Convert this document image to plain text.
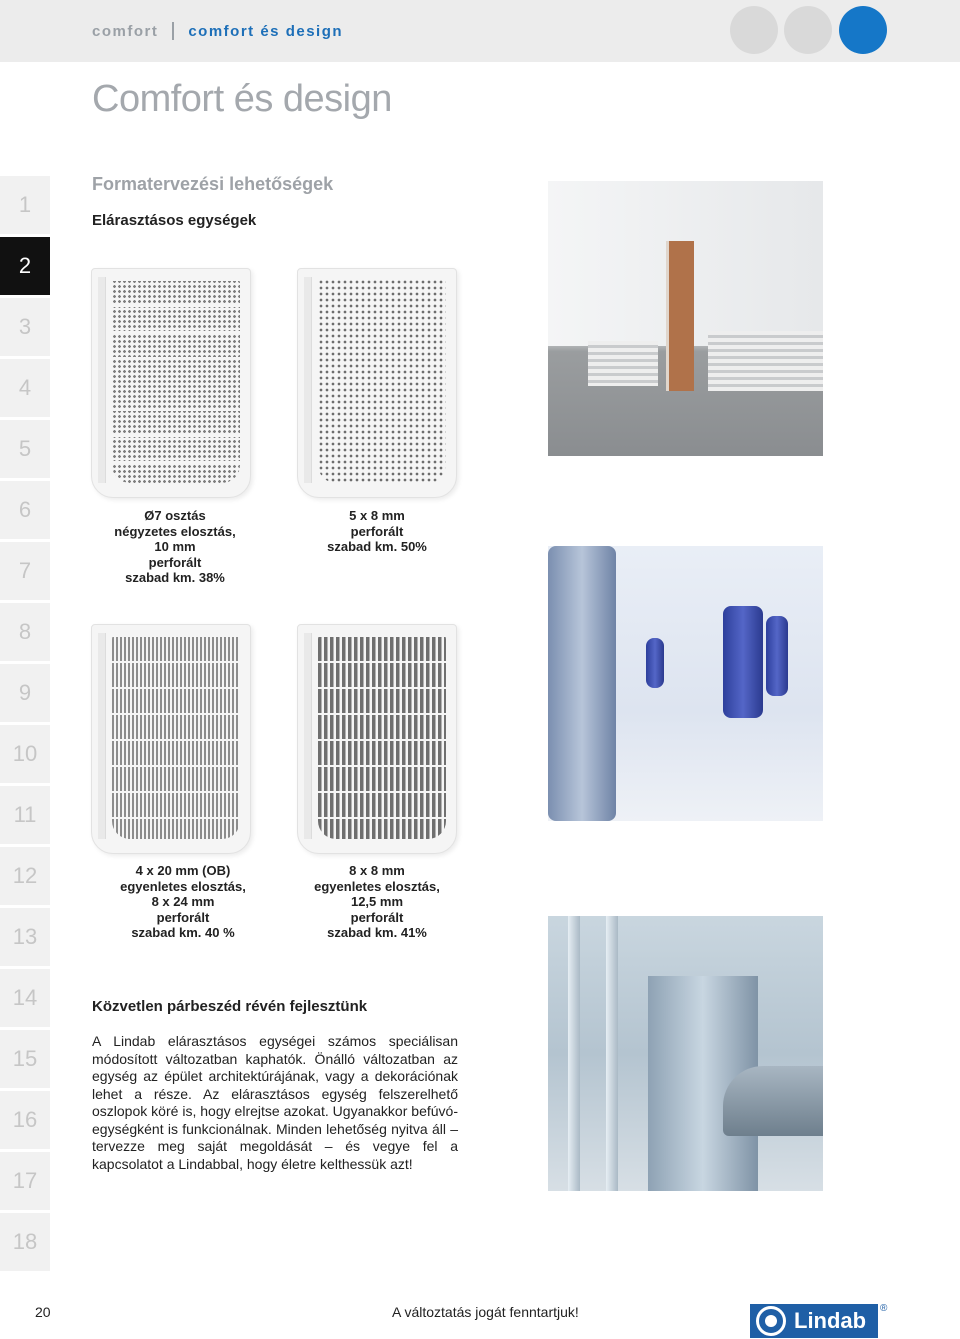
comfort comfort és design
Comfort és design
1
2
3
4
5
6
7
8
9
10
11
12
13
14
15
16
17
18
Formatervezési lehetőségek
Elárasztásos egységek
Ø7 osztás
négyzetes elosztás,
10 mm
perforált
szabad km. 38%
5 x 8 mm
perforált
szabad km. 50%
4 x 20 mm (OB)
egyenletes elosztás,
8 x 24 mm
perforált
szabad km. 40 %
8 x 8 mm
egyenletes elosztás,
12,5 mm
perforált
szabad km. 41%
Közvetlen párbeszéd révén fejlesztünk

A Lindab elárasztásos egységei számos speciálisan módosított változatban kaphatók. Önálló változatban az egység az épület architektúrájának, vagy a dekorációnak lehet a része. Az elárasztásos egység felszerelhető oszlopok köré is, hogy elrejtse azokat. Ugyanakkor befúvó-egységként is funkcionálnak. Minden lehetőség nyitva áll – tervezze meg saját megoldását – és vegye fel a kapcsolatot a Lindabbal, hogy életre kelthessük azt!

20	A változtatás jogát fenntartjuk!	Lindab ®
